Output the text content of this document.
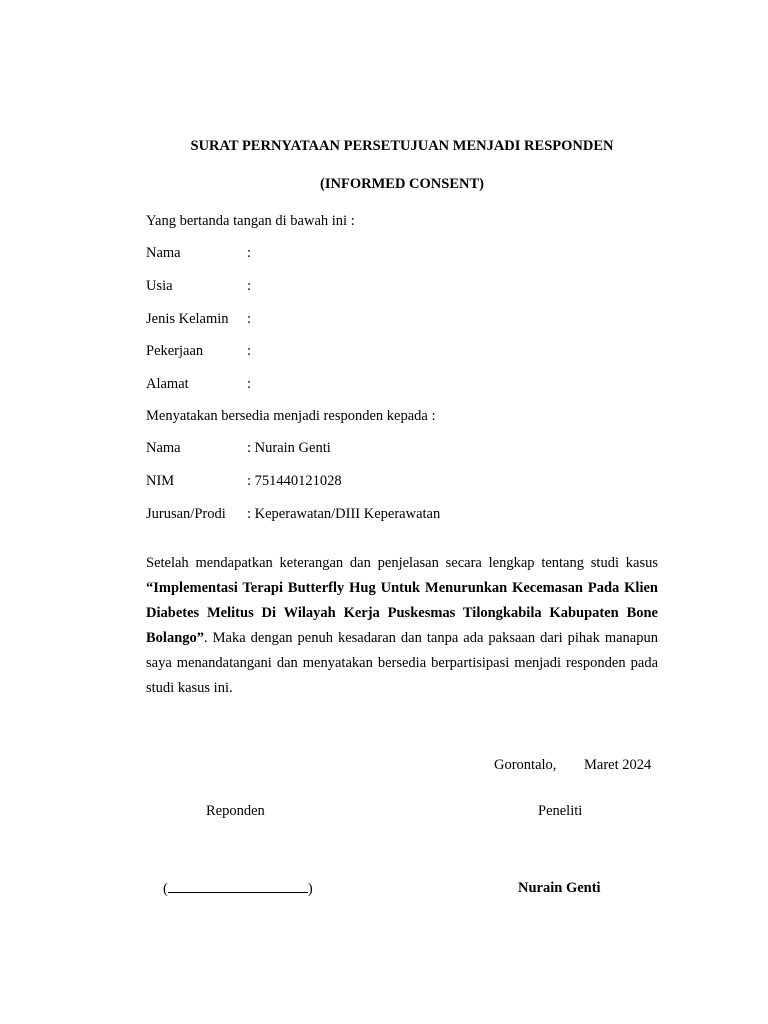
SURAT PERNYATAAN PERSETUJUAN MENJADI RESPONDEN
(INFORMED CONSENT)
Yang bertanda tangan di bawah ini :
Nama	:
Usia	:
Jenis Kelamin :
Pekerjaan	:
Alamat	:
Menyatakan bersedia menjadi responden kepada :
Nama	: Nurain Genti
NIM	: 751440121028
Jurusan/Prodi : Keperawatan/DIII Keperawatan
Setelah mendapatkan keterangan dan penjelasan secara lengkap tentang studi kasus “Implementasi Terapi Butterfly Hug Untuk Menurunkan Kecemasan Pada Klien Diabetes Melitus Di Wilayah Kerja Puskesmas Tilongkabila Kabupaten Bone Bolango”. Maka dengan penuh kesadaran dan tanpa ada paksaan dari pihak manapun saya menandatangani dan menyatakan bersedia berpartisipasi menjadi responden pada studi kasus ini.
Gorontalo, Maret 2024
Reponden	Peneliti
(	)	Nurain Genti
